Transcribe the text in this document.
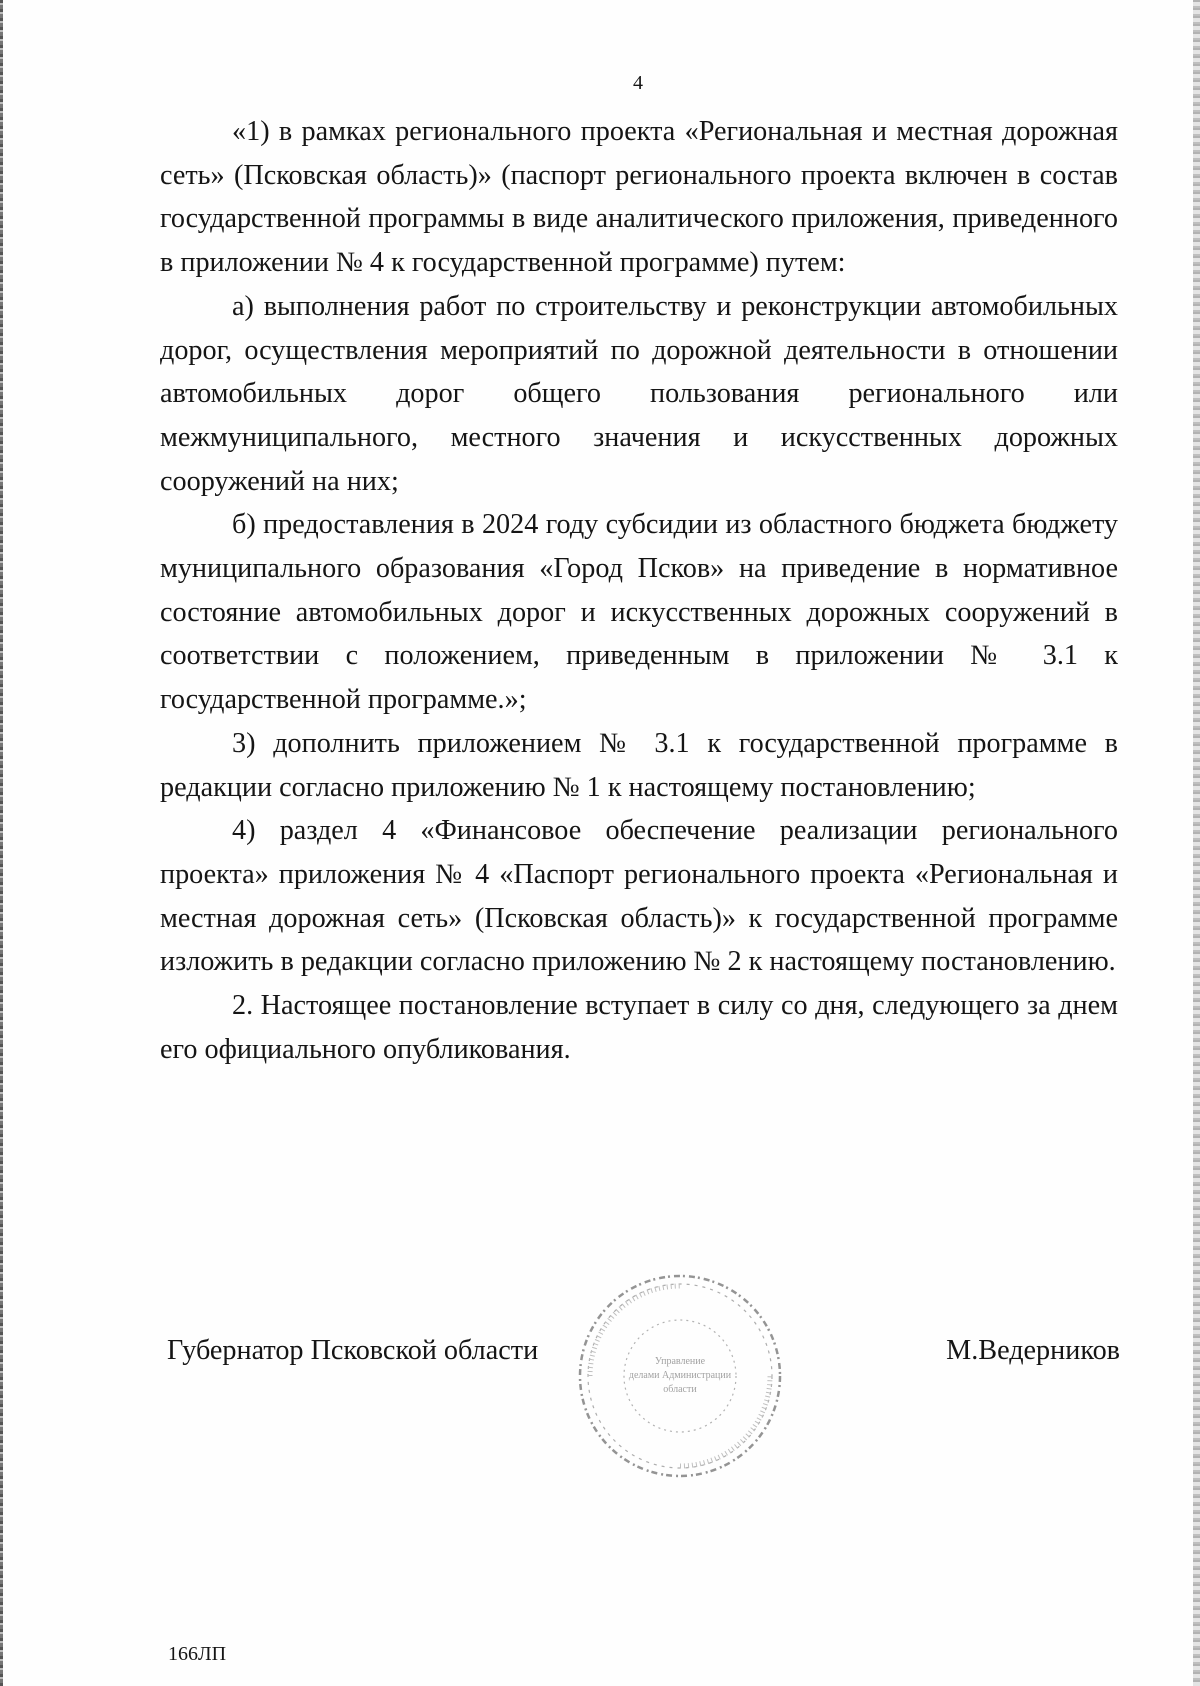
4

«1) в рамках регионального проекта «Региональная и местная дорожная сеть» (Псковская область)» (паспорт регионального проекта включен в состав государственной программы в виде аналитического приложения, приведенного в приложении № 4 к государственной программе) путем:

а) выполнения работ по строительству и реконструкции автомобильных дорог, осуществления мероприятий по дорожной деятельности в отношении автомобильных дорог общего пользования регионального или межмуниципального, местного значения и искусственных дорожных сооружений на них;

б) предоставления в 2024 году субсидии из областного бюджета бюджету муниципального образования «Город Псков» на приведение в нормативное состояние автомобильных дорог и искусственных дорожных сооружений в соответствии с положением, приведенным в приложении № 3.1 к государственной программе.»;

3) дополнить приложением № 3.1 к государственной программе в редакции согласно приложению № 1 к настоящему постановлению;

4) раздел 4 «Финансовое обеспечение реализации регионального проекта» приложения № 4 «Паспорт регионального проекта «Региональная и местная дорожная сеть» (Псковская область)» к государственной программе изложить в редакции согласно приложению № 2 к настоящему постановлению.

2. Настоящее постановление вступает в силу со дня, следующего за днем его официального опубликования.

Губернатор Псковской области	М.Ведерников
Управление
делами Администрации
области
166ЛП
